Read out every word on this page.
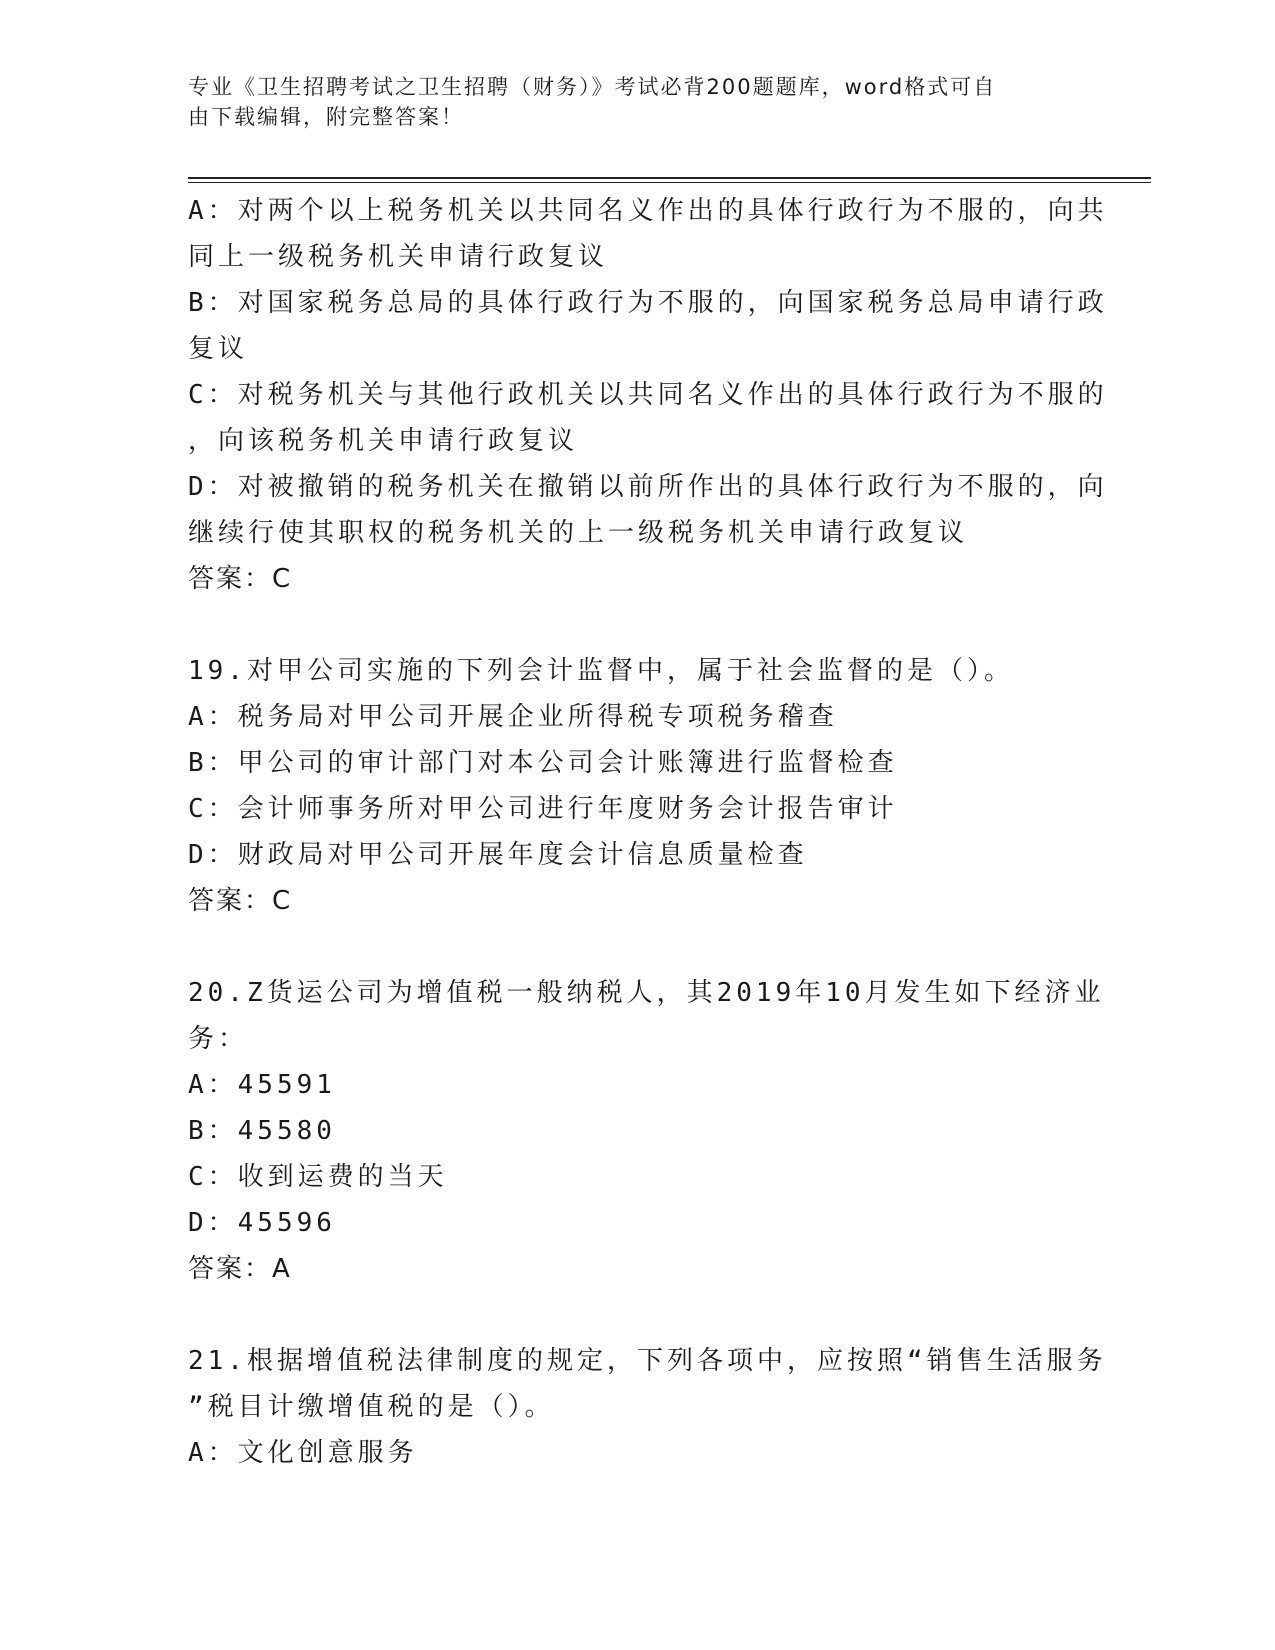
专业《卫生招聘考试之卫生招聘（财务）》考试必背200题题库，word格式可自
由下载编辑，附完整答案！
A：对两个以上税务机关以共同名义作出的具体行政行为不服的，向共
同上一级税务机关申请行政复议
B：对国家税务总局的具体行政行为不服的，向国家税务总局申请行政
复议
C：对税务机关与其他行政机关以共同名义作出的具体行政行为不服的
，向该税务机关申请行政复议
D：对被撤销的税务机关在撤销以前所作出的具体行政行为不服的，向
继续行使其职权的税务机关的上一级税务机关申请行政复议
答案：C
19.对甲公司实施的下列会计监督中，属于社会监督的是（）。
A：税务局对甲公司开展企业所得税专项税务稽查
B：甲公司的审计部门对本公司会计账簿进行监督检查
C：会计师事务所对甲公司进行年度财务会计报告审计
D：财政局对甲公司开展年度会计信息质量检查
答案：C
20.Z货运公司为增值税一般纳税人，其2019年10月发生如下经济业
务：
A：45591
B：45580
C：收到运费的当天
D：45596
答案：A
21.根据增值税法律制度的规定，下列各项中，应按照“销售生活服务
”税目计缴增值税的是（）。
A：文化创意服务
